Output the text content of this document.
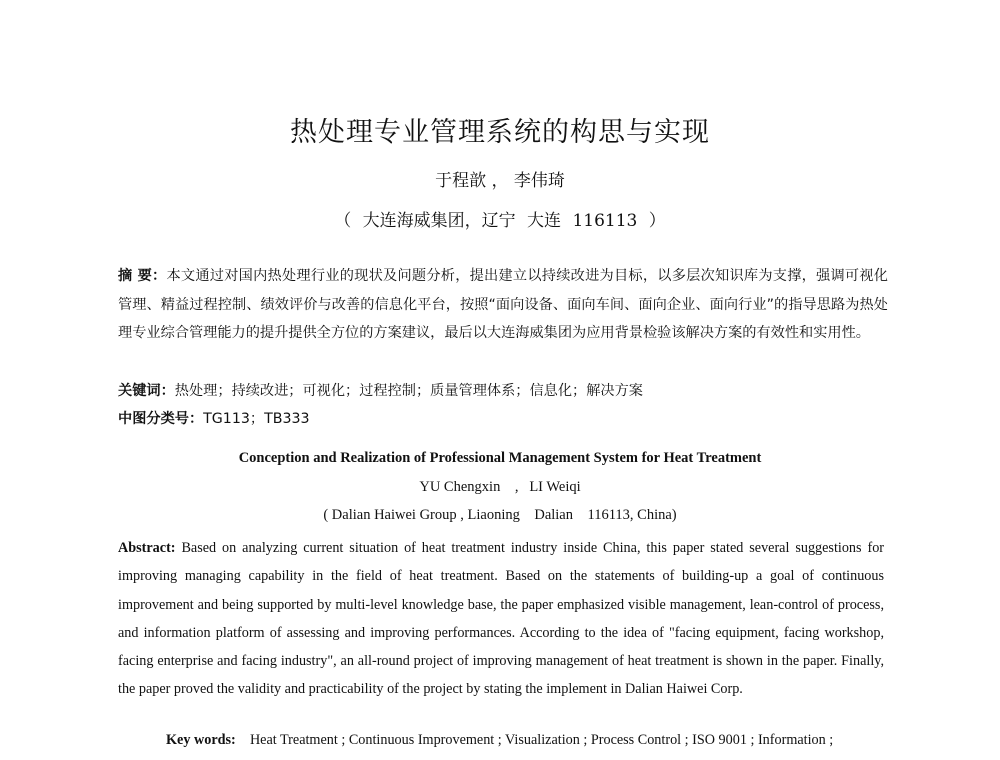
热处理专业管理系统的构思与实现
于程歆 ， 李伟琦
（ 大连海威集团，辽宁 大连 116113 ）
摘 要：本文通过对国内热处理行业的现状及问题分析，提出建立以持续改进为目标，以多层次知识库为支撑，强调可视化管理、精益过程控制、绩效评价与改善的信息化平台，按照“面向设备、面向车间、面向企业、面向行业”的指导思路为热处理专业综合管理能力的提升提供全方位的方案建议，最后以大连海威集团为应用背景检验该解决方案的有效性和实用性。
关键词：热处理；持续改进；可视化；过程控制；质量管理体系；信息化；解决方案
中图分类号：TG113；TB333
Conception and Realization of Professional Management System for Heat Treatment
YU Chengxin    ,   LI Weiqi
( Dalian Haiwei Group , Liaoning    Dalian    116113, China)
Abstract: Based on analyzing current situation of heat treatment industry inside China, this paper stated several suggestions for improving managing capability in the field of heat treatment. Based on the statements of building-up a goal of continuous improvement and being supported by multi-level knowledge base, the paper emphasized visible management, lean-control of process, and information platform of assessing and improving performances. According to the idea of "facing equipment, facing workshop, facing enterprise and facing industry", an all-round project of improving management of heat treatment is shown in the paper. Finally, the paper proved the validity and practicability of the project by stating the implement in Dalian Haiwei Corp.
Key words: Heat Treatment ; Continuous Improvement ; Visualization ; Process Control ; ISO 9001 ; Information ;
